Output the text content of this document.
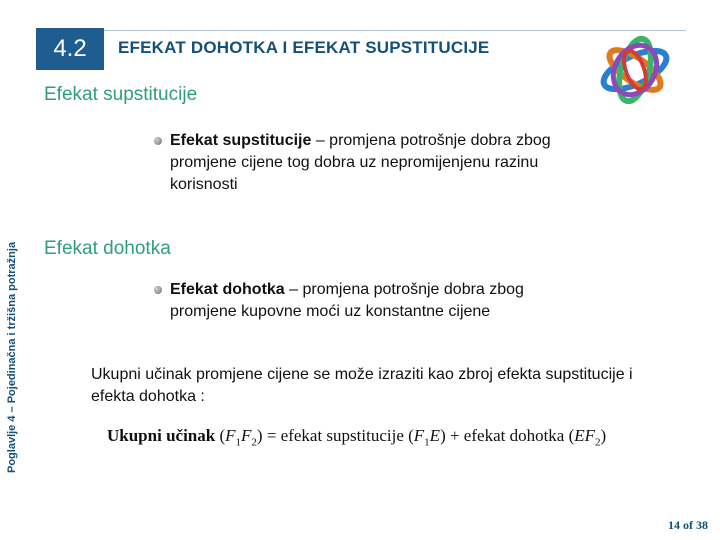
4.2 EFEKAT DOHOTKA I EFEKAT SUPSTITUCIJE
Poglavlje 4 – Pojedinačna i tržišna potražnja
Efekat supstitucije
Efekat supstitucije – promjena potrošnje dobra zbog promjene cijene tog dobra uz nepromijenjenu razinu korisnosti
Efekat dohotka
Efekat dohotka – promjena potrošnje dobra zbog promjene kupovne moći uz konstantne cijene
Ukupni učinak promjene cijene se može izraziti kao zbroj efekta supstitucije i efekta dohotka :
Ukupni učinak $(F_1F_2)$ = efekat supstitucije $(F_1E)$ + efekat dohotka $(EF_2)$
14 of 38
